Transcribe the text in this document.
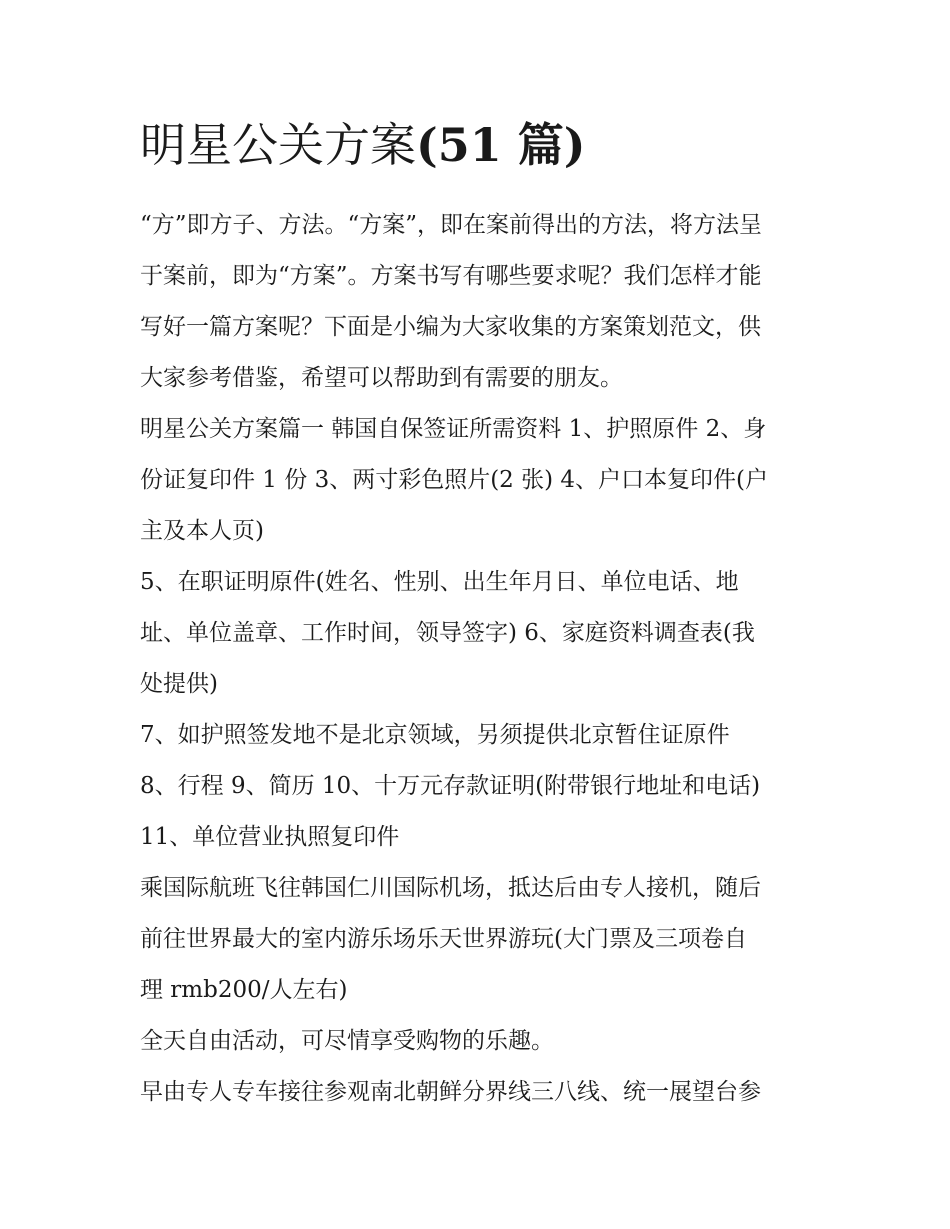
明星公关方案(51 篇)

“方”即方子、方法。“方案”，即在案前得出的方法，将方法呈

于案前，即为“方案”。方案书写有哪些要求呢？我们怎样才能

写好一篇方案呢？下面是小编为大家收集的方案策划范文，供

大家参考借鉴，希望可以帮助到有需要的朋友。

明星公关方案篇一 韩国自保签证所需资料 1、护照原件 2、身

份证复印件 1 份 3、两寸彩色照片(2 张) 4、户口本复印件(户

主及本人页)

5、在职证明原件(姓名、性别、出生年月日、单位电话、地

址、单位盖章、工作时间，领导签字) 6、家庭资料调查表(我

处提供)

7、如护照签发地不是北京领域，另须提供北京暂住证原件

8、行程 9、简历 10、十万元存款证明(附带银行地址和电话)

11、单位营业执照复印件

乘国际航班飞往韩国仁川国际机场，抵达后由专人接机，随后

前往世界最大的室内游乐场乐天世界游玩(大门票及三项卷自

理 rmb200/人左右)

全天自由活动，可尽情享受购物的乐趣。

早由专人专车接往参观南北朝鲜分界线三八线、统一展望台参
